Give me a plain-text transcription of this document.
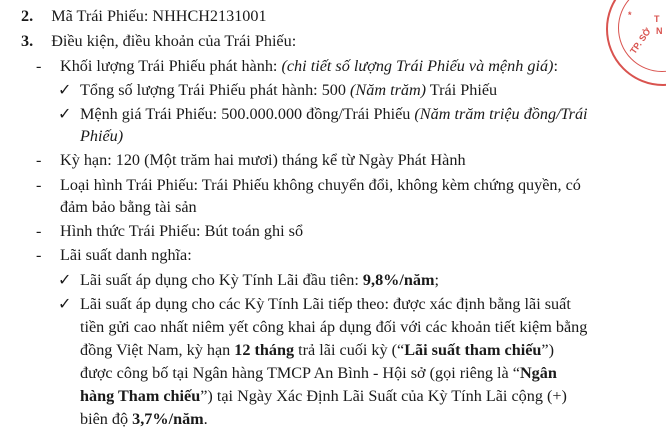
* T
N
TP. SỞ
2. Mã Trái Phiếu: NHHCH2131001
3. Điều kiện, điều khoản của Trái Phiếu:
- Khối lượng Trái Phiếu phát hành: (chi tiết số lượng Trái Phiếu và mệnh giá):
✓ Tổng số lượng Trái Phiếu phát hành: 500 (Năm trăm) Trái Phiếu
✓ Mệnh giá Trái Phiếu: 500.000.000 đồng/Trái Phiếu (Năm trăm triệu đồng/Trái
Phiếu)
- Kỳ hạn: 120 (Một trăm hai mươi) tháng kể từ Ngày Phát Hành
- Loại hình Trái Phiếu: Trái Phiếu không chuyển đổi, không kèm chứng quyền, có
đảm bảo bằng tài sản
- Hình thức Trái Phiếu: Bút toán ghi sổ
- Lãi suất danh nghĩa:
✓ Lãi suất áp dụng cho Kỳ Tính Lãi đầu tiên: 9,8%/năm;
✓ Lãi suất áp dụng cho các Kỳ Tính Lãi tiếp theo: được xác định bằng lãi suất
tiền gửi cao nhất niêm yết công khai áp dụng đối với các khoản tiết kiệm bằng
đồng Việt Nam, kỳ hạn 12 tháng trả lãi cuối kỳ (“Lãi suất tham chiếu”)
được công bố tại Ngân hàng TMCP An Bình - Hội sở (gọi riêng là “Ngân
hàng Tham chiếu”) tại Ngày Xác Định Lãi Suất của Kỳ Tính Lãi cộng (+)
biên độ 3,7%/năm.
